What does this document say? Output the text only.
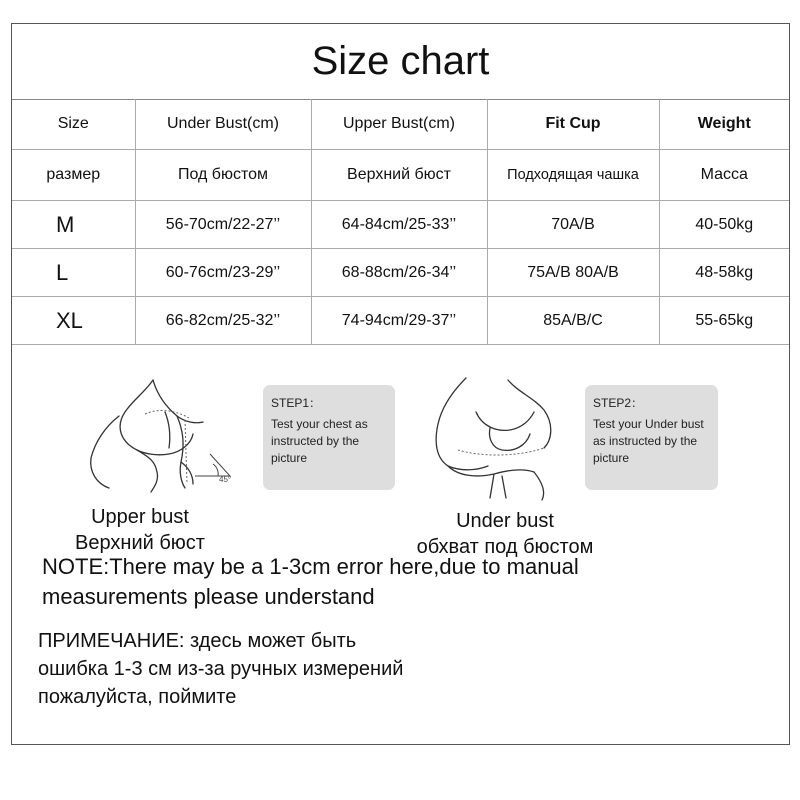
Size chart
Size	Under Bust(cm)	Upper Bust(cm)	Fit Cup	Weight
размер	Под бюстом	Верхний бюст	Подходящая чашка	Масса
M	56-70cm/22-27’’	64-84cm/25-33’’	70A/B	40-50kg
L	60-76cm/23-29’’	68-88cm/26-34’’	75A/B 80A/B	48-58kg
XL	66-82cm/25-32’’	74-94cm/29-37’’	85A/B/C	55-65kg
45°
STEP1：
Test your chest as instructed by the picture
Upper bust
Верхний бюст
STEP2：
Test your Under bust as instructed by the picture
Under bust
обхват под бюстом
NOTE:There may be a 1-3cm error here,due to manual
measurements please understand
ПРИМЕЧАНИЕ: здесь может быть
ошибка 1-3 см из-за ручных измерений
пожалуйста, поймите
